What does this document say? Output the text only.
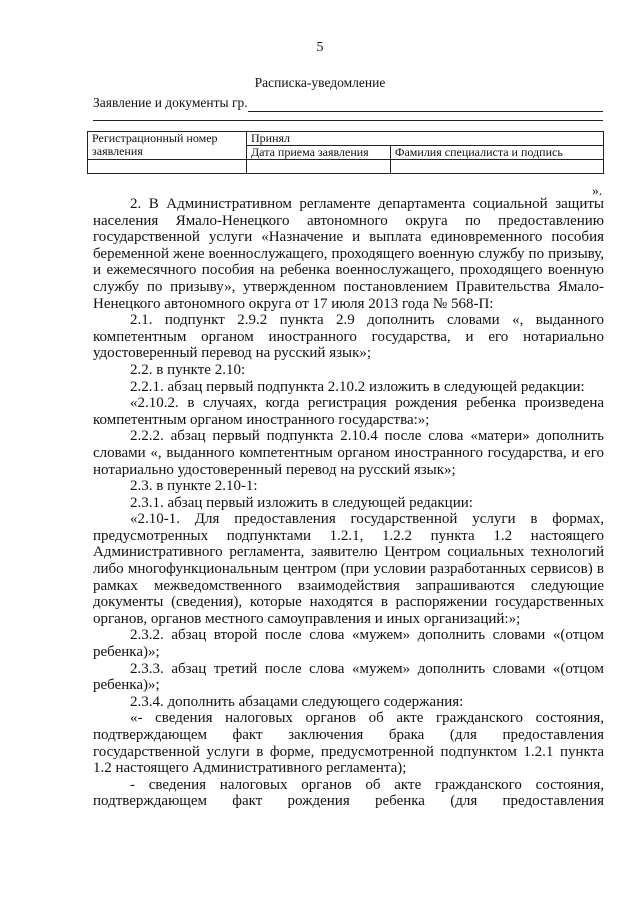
5
Расписка-уведомление
Заявление и документы гр.
Регистрационный номер заявления	Принял	
	Дата приема заявления	Фамилия специалиста и подпись

».

2. В Административном регламенте департамента социальной защиты населения Ямало-Ненецкого автономного округа по предоставлению государственной услуги «Назначение и выплата единовременного пособия беременной жене военнослужащего, проходящего военную службу по призыву, и ежемесячного пособия на ребенка военнослужащего, проходящего военную службу по призыву», утвержденном постановлением Правительства Ямало-Ненецкого автономного округа от 17 июля 2013 года № 568-П:

2.1. подпункт 2.9.2 пункта 2.9 дополнить словами «, выданного компетентным органом иностранного государства, и его нотариально удостоверенный перевод на русский язык»;

2.2. в пункте 2.10:

2.2.1. абзац первый подпункта 2.10.2 изложить в следующей редакции:

«2.10.2. в случаях, когда регистрация рождения ребенка произведена компетентным органом иностранного государства:»;

2.2.2. абзац первый подпункта 2.10.4 после слова «матери» дополнить словами «, выданного компетентным органом иностранного государства, и его нотариально удостоверенный перевод на русский язык»;

2.3. в пункте 2.10-1:

2.3.1. абзац первый изложить в следующей редакции:

«2.10-1. Для предоставления государственной услуги в формах, предусмотренных подпунктами 1.2.1, 1.2.2 пункта 1.2 настоящего Административного регламента, заявителю Центром социальных технологий либо многофункциональным центром (при условии разработанных сервисов) в рамках межведомственного взаимодействия запрашиваются следующие документы (сведения), которые находятся в распоряжении государственных органов, органов местного самоуправления и иных организаций:»;

2.3.2. абзац второй после слова «мужем» дополнить словами «(отцом ребенка)»;

2.3.3. абзац третий после слова «мужем» дополнить словами «(отцом ребенка)»;

2.3.4. дополнить абзацами следующего содержания:

«- сведения налоговых органов об акте гражданского состояния, подтверждающем факт заключения брака (для предоставления государственной услуги в форме, предусмотренной подпунктом 1.2.1 пункта 1.2 настоящего Административного регламента);

- сведения налоговых органов об акте гражданского состояния, подтверждающем факт рождения ребенка (для предоставления
